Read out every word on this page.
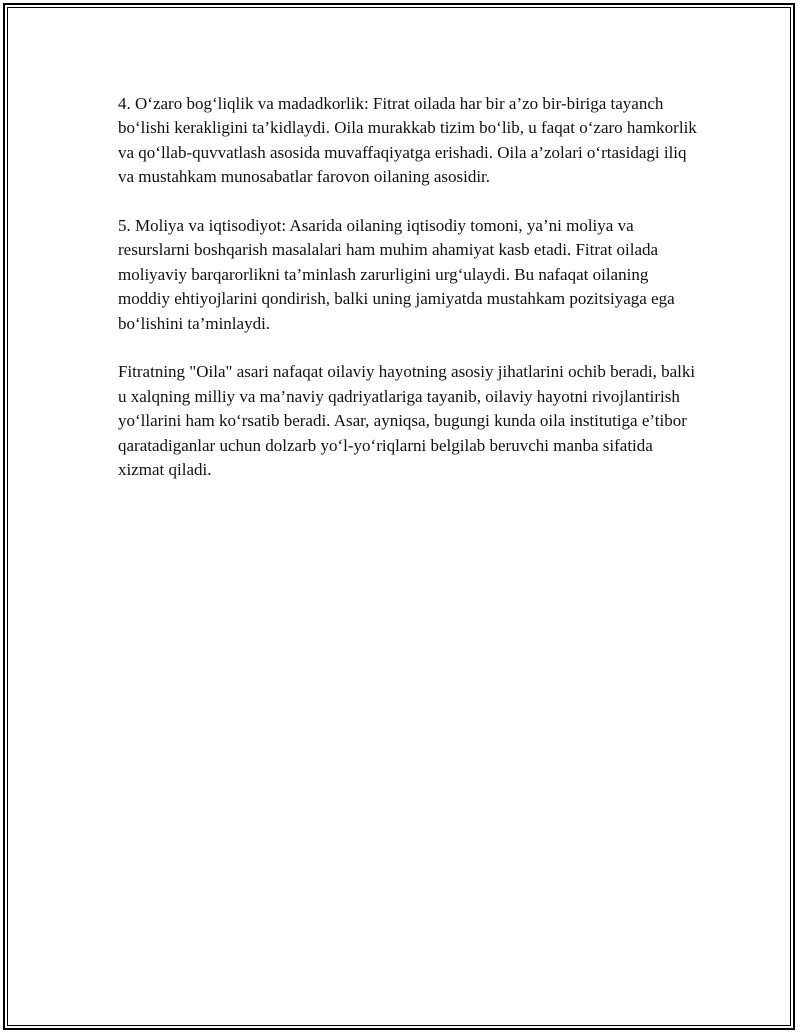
4. O‘zaro bog‘liqlik va madadkorlik: Fitrat oilada har bir a’zo bir-biriga tayanch bo‘lishi kerakligini ta’kidlaydi. Oila murakkab tizim bo‘lib, u faqat o‘zaro hamkorlik va qo‘llab-quvvatlash asosida muvaffaqiyatga erishadi. Oila a’zolari o‘rtasidagi iliq va mustahkam munosabatlar farovon oilaning asosidir.

5. Moliya va iqtisodiyot: Asarida oilaning iqtisodiy tomoni, ya’ni moliya va resurslarni boshqarish masalalari ham muhim ahamiyat kasb etadi. Fitrat oilada moliyaviy barqarorlikni ta’minlash zarurligini urg‘ulaydi. Bu nafaqat oilaning moddiy ehtiyojlarini qondirish, balki uning jamiyatda mustahkam pozitsiyaga ega bo‘lishini ta’minlaydi.

Fitratning "Oila" asari nafaqat oilaviy hayotning asosiy jihatlarini ochib beradi, balki u xalqning milliy va ma’naviy qadriyatlariga tayanib, oilaviy hayotni rivojlantirish yo‘llarini ham ko‘rsatib beradi. Asar, ayniqsa, bugungi kunda oila institutiga e’tibor qaratadiganlar uchun dolzarb yo‘l-yo‘riqlarni belgilab beruvchi manba sifatida xizmat qiladi.
